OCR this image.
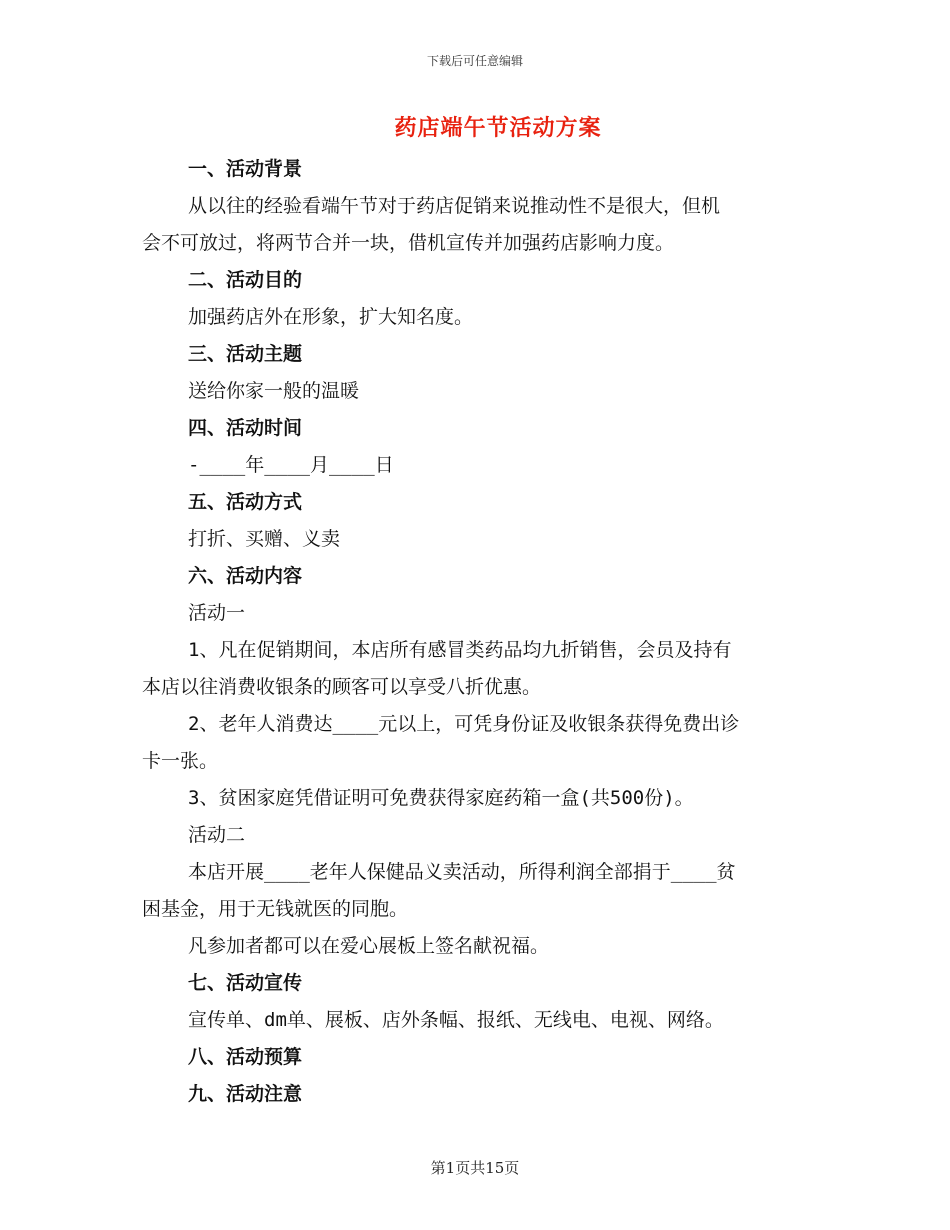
下载后可任意编辑
药店端午节活动方案
一、活动背景
从以往的经验看端午节对于药店促销来说推动性不是很大，但机
会不可放过，将两节合并一块，借机宣传并加强药店影响力度。
二、活动目的
加强药店外在形象，扩大知名度。
三、活动主题
送给你家一般的温暖
四、活动时间
-____年____月____日
五、活动方式
打折、买赠、义卖
六、活动内容
活动一
1、凡在促销期间，本店所有感冒类药品均九折销售，会员及持有
本店以往消费收银条的顾客可以享受八折优惠。
2、老年人消费达____元以上，可凭身份证及收银条获得免费出诊
卡一张。
3、贫困家庭凭借证明可免费获得家庭药箱一盒(共500份)。
活动二
本店开展____老年人保健品义卖活动，所得利润全部捐于____贫
困基金，用于无钱就医的同胞。
凡参加者都可以在爱心展板上签名献祝福。
七、活动宣传
宣传单、dm单、展板、店外条幅、报纸、无线电、电视、网络。
八、活动预算
九、活动注意
第1页共15页
